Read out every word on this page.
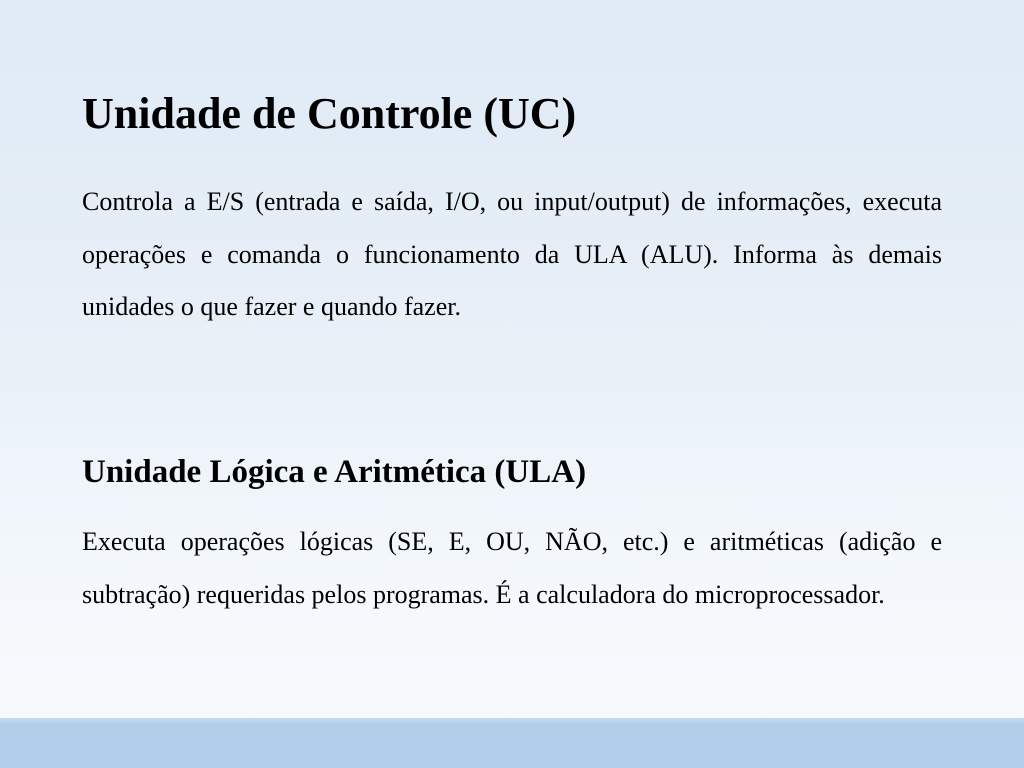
Unidade de Controle (UC)

Controla a E/S (entrada e saída, I/O, ou input/output) de informações, executa operações e comanda o funcionamento da ULA (ALU). Informa às demais unidades o que fazer e quando fazer.

Unidade Lógica e Aritmética (ULA)

Executa operações lógicas (SE, E, OU, NÃO, etc.) e aritméticas (adição e subtração) requeridas pelos programas. É a calculadora do microprocessador.
